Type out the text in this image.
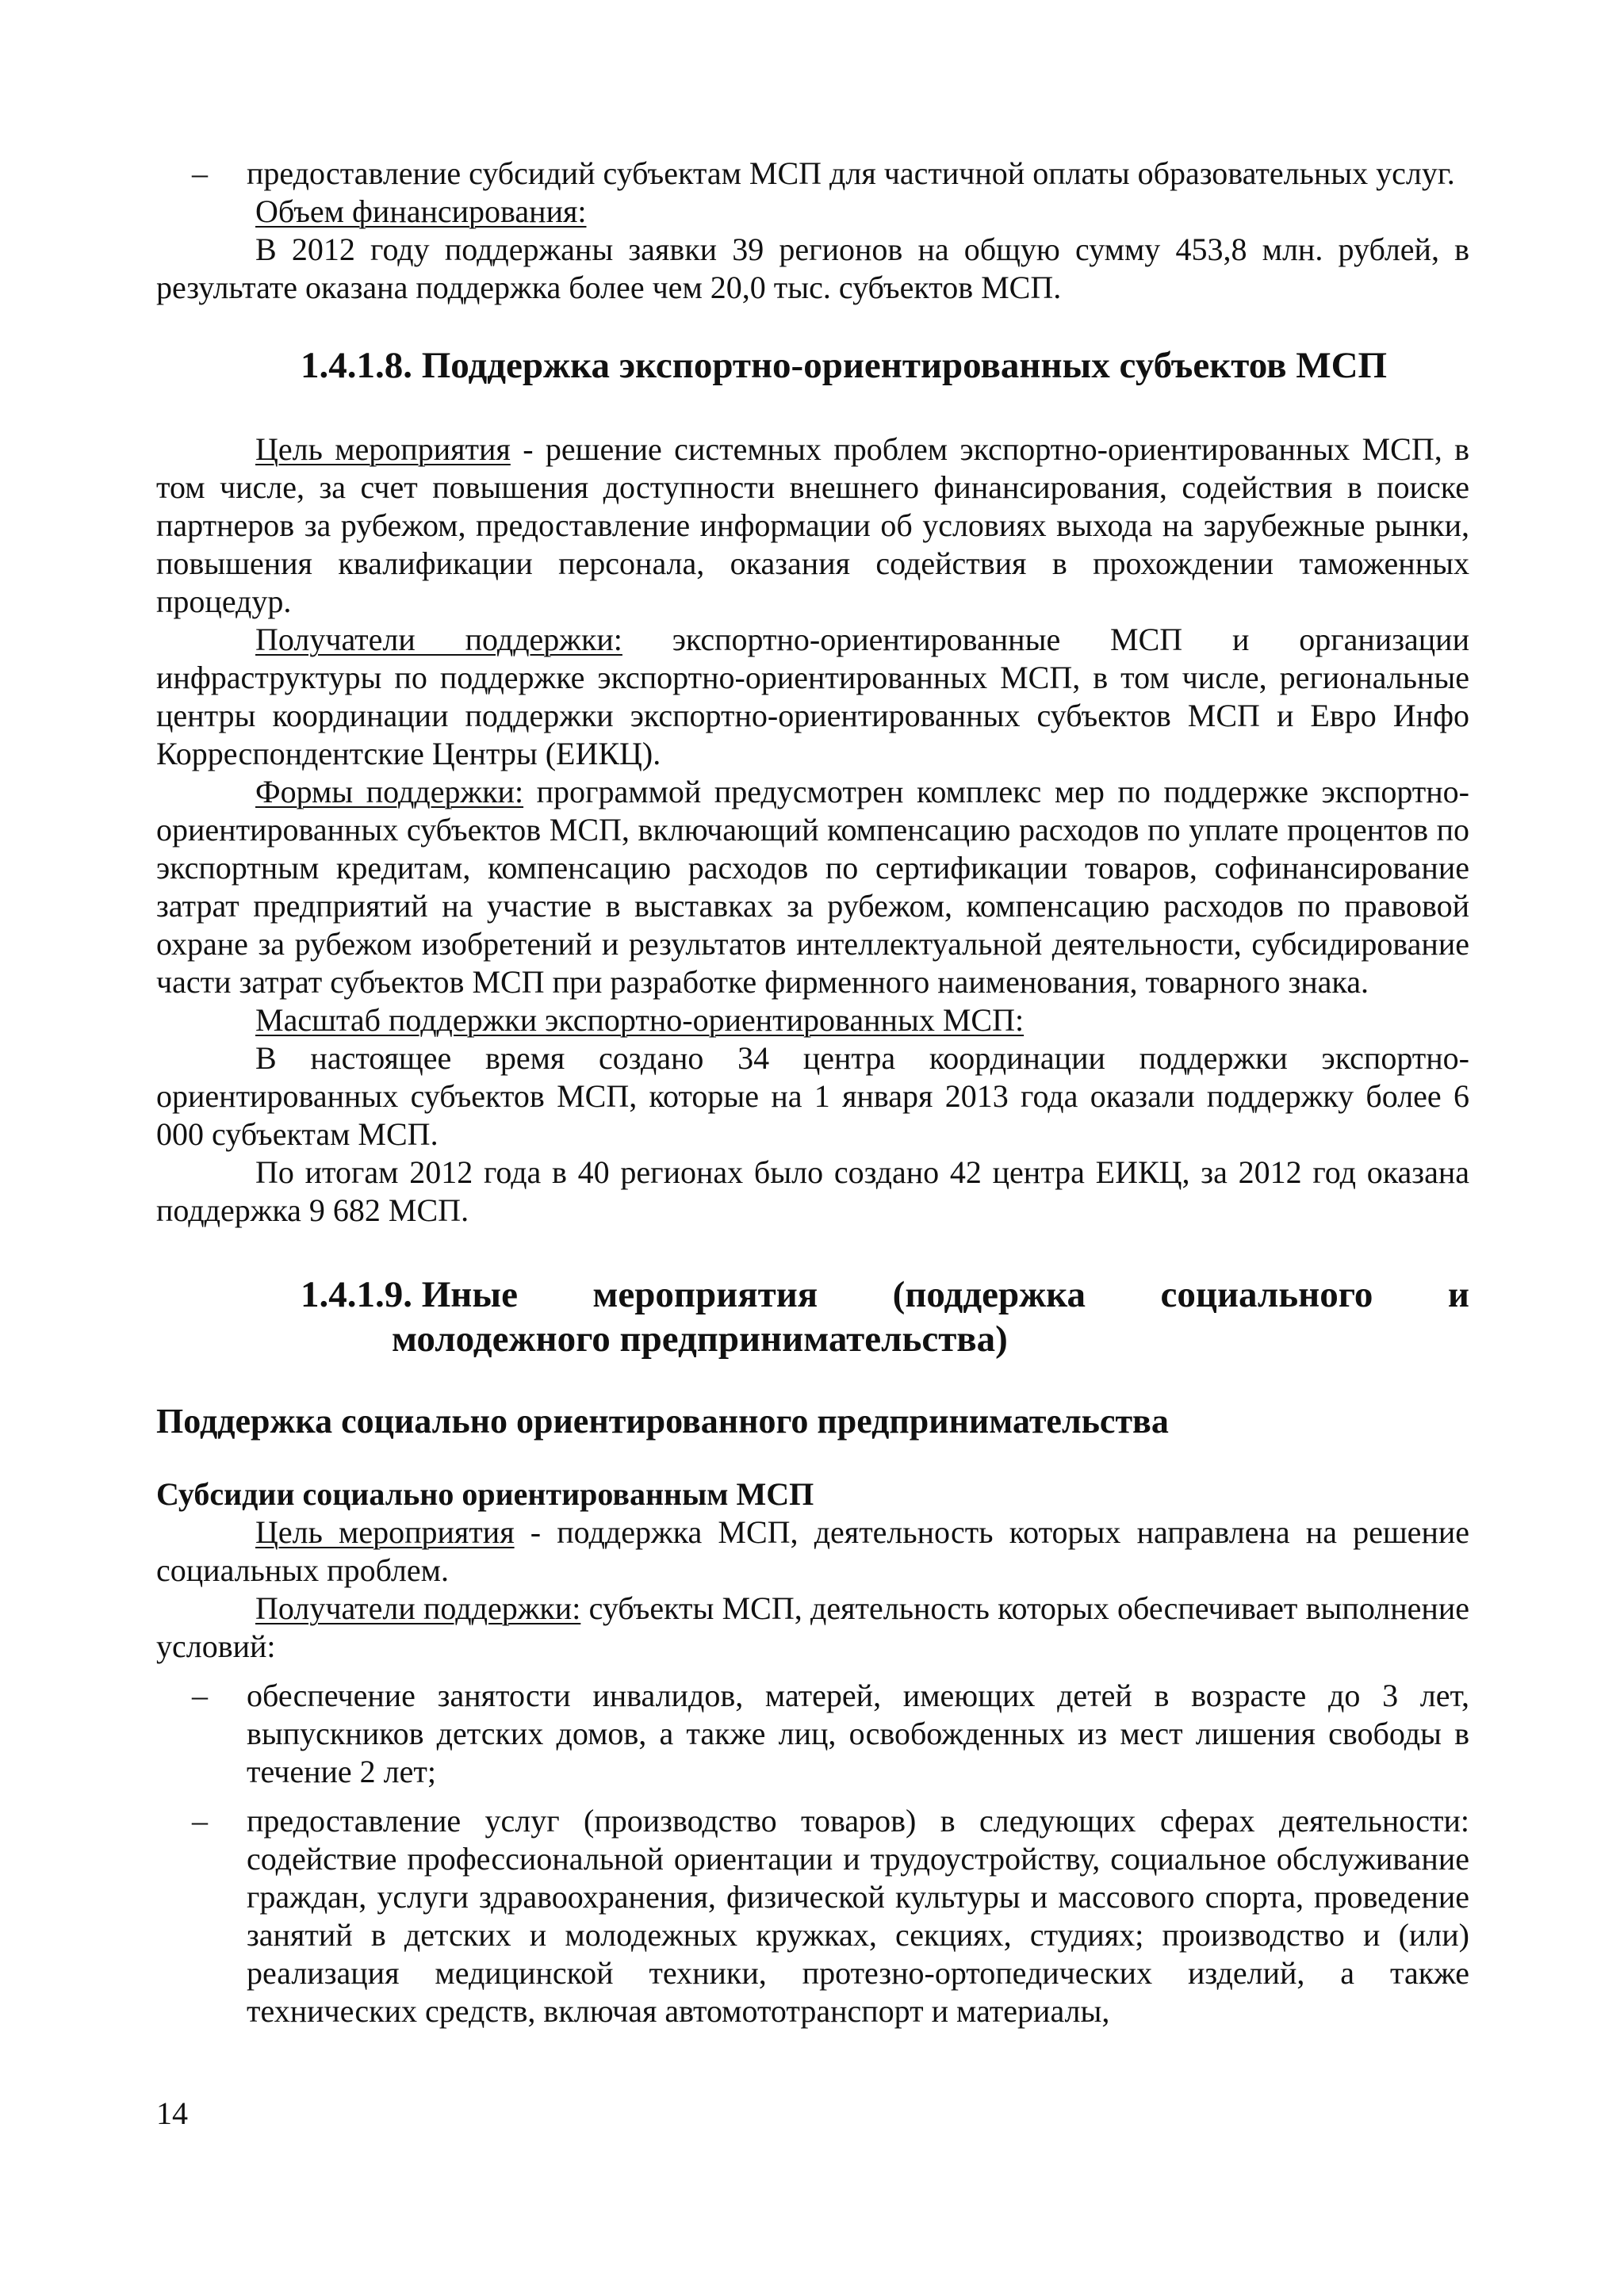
– предоставление субсидий субъектам МСП для частичной оплаты образовательных услуг.

Объем финансирования:

В 2012 году поддержаны заявки 39 регионов на общую сумму 453,8 млн. рублей, в результате оказана поддержка более чем 20,0 тыс. субъектов МСП.

1.4.1.8. Поддержка экспортно-ориентированных субъектов МСП

Цель мероприятия - решение системных проблем экспортно-ориентированных МСП, в том числе, за счет повышения доступности внешнего финансирования, содействия в поиске партнеров за рубежом, предоставление информации об условиях выхода на зарубежные рынки, повышения квалификации персонала, оказания содействия в прохождении таможенных процедур.

Получатели поддержки: экспортно-ориентированные МСП и организации инфраструктуры по поддержке экспортно-ориентированных МСП, в том числе, региональные центры координации поддержки экспортно-ориентированных субъектов МСП и Евро Инфо Корреспондентские Центры (ЕИКЦ).

Формы поддержки: программой предусмотрен комплекс мер по поддержке экспортно-ориентированных субъектов МСП, включающий компенсацию расходов по уплате процентов по экспортным кредитам, компенсацию расходов по сертификации товаров, софинансирование затрат предприятий на участие в выставках за рубежом, компенсацию расходов по правовой охране за рубежом изобретений и результатов интеллектуальной деятельности, субсидирование части затрат субъектов МСП при разработке фирменного наименования, товарного знака.

Масштаб поддержки экспортно-ориентированных МСП:

В настоящее время создано 34 центра координации поддержки экспортно-ориентированных субъектов МСП, которые на 1 января 2013 года оказали поддержку более 6 000 субъектам МСП.

По итогам 2012 года в 40 регионах было создано 42 центра ЕИКЦ, за 2012 год оказана поддержка 9 682 МСП.

1.4.1.9. Иные мероприятия (поддержка социального и
молодежного предпринимательства)

Поддержка социально ориентированного предпринимательства

Субсидии социально ориентированным МСП

Цель мероприятия - поддержка МСП, деятельность которых направлена на решение социальных проблем.

Получатели поддержки: субъекты МСП, деятельность которых обеспечивает выполнение условий:

– обеспечение занятости инвалидов, матерей, имеющих детей в возрасте до 3 лет, выпускников детских домов, а также лиц, освобожденных из мест лишения свободы в течение 2 лет;

– предоставление услуг (производство товаров) в следующих сферах деятельности: содействие профессиональной ориентации и трудоустройству, социальное обслуживание граждан, услуги здравоохранения, физической культуры и массового спорта, проведение занятий в детских и молодежных кружках, секциях, студиях; производство и (или) реализация медицинской техники, протезно-ортопедических изделий, а также технических средств, включая автомототранспорт и материалы,

14
